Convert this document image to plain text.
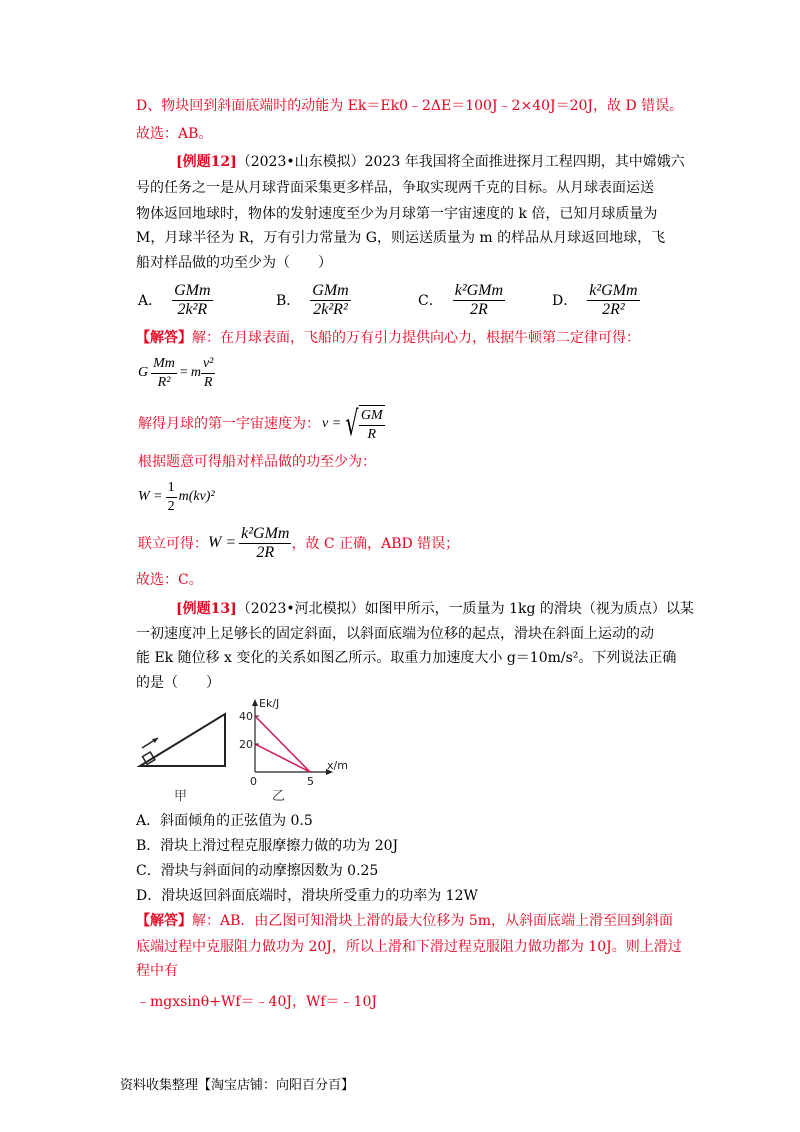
D、物块回到斜面底端时的动能为 Ek＝Ek0﹣2ΔE＝100J﹣2×40J＝20J，故 D 错误。
故选：AB。
[例题12]（2023•山东模拟）2023 年我国将全面推进探月工程四期，其中嫦娥六
号的任务之一是从月球背面采集更多样品，争取实现两千克的目标。从月球表面运送
物体返回地球时，物体的发射速度至少为月球第一宇宙速度的 k 倍，已知月球质量为
M，月球半径为 R，万有引力常量为 G，则运送质量为 m 的样品从月球返回地球，飞
船对样品做的功至少为（　　）
A． $\frac{\text{GMm}}{\text{2k²R}}$	B． $\frac{\text{GMm}}{\text{2k²R²}}$	C． $\frac{\text{k²GMm}}{2R}$	D． $\frac{\text{k²GMm}}{\text{2R²}}$
【解答】解：在月球表面，飞船的万有引力提供向心力，根据牛顿第二定律可得：
G $\frac{Mm}{\text{R²}} = m \frac{\text{v²}}{R}$
解得月球的第一宇宙速度为： v = √ $\frac{GM}{R}$
根据题意可得船对样品做的功至少为：
$W = \frac{1}{2} m(kv)^2$
联立可得： $W = \frac{\text{k²GMm}}{2R}$ ，故 C 正确，ABD 错误；
故选：C。
[例题13]（2023•河北模拟）如图甲所示，一质量为 1kg 的滑块（视为质点）以某
一初速度冲上足够长的固定斜面，以斜面底端为位移的起点，滑块在斜面上运动的动
能 Ek 随位移 x 变化的关系如图乙所示。取重力加速度大小 g＝10m/s²。下列说法正确
的是（　　）
甲
40
20
0	5
Ek/J
x/m
乙
A．斜面倾角的正弦值为 0.5
B．滑块上滑过程克服摩擦力做的功为 20J
C．滑块与斜面间的动摩擦因数为 0.25
D．滑块返回斜面底端时，滑块所受重力的功率为 12W
【解答】解：AB．由乙图可知滑块上滑的最大位移为 5m，从斜面底端上滑至回到斜面
底端过程中克服阻力做功为 20J，所以上滑和下滑过程克服阻力做功都为 10J。则上滑过
程中有
﹣mgxsinθ+Wf＝﹣40J，Wf＝﹣10J
资料收集整理【淘宝店铺：向阳百分百】
